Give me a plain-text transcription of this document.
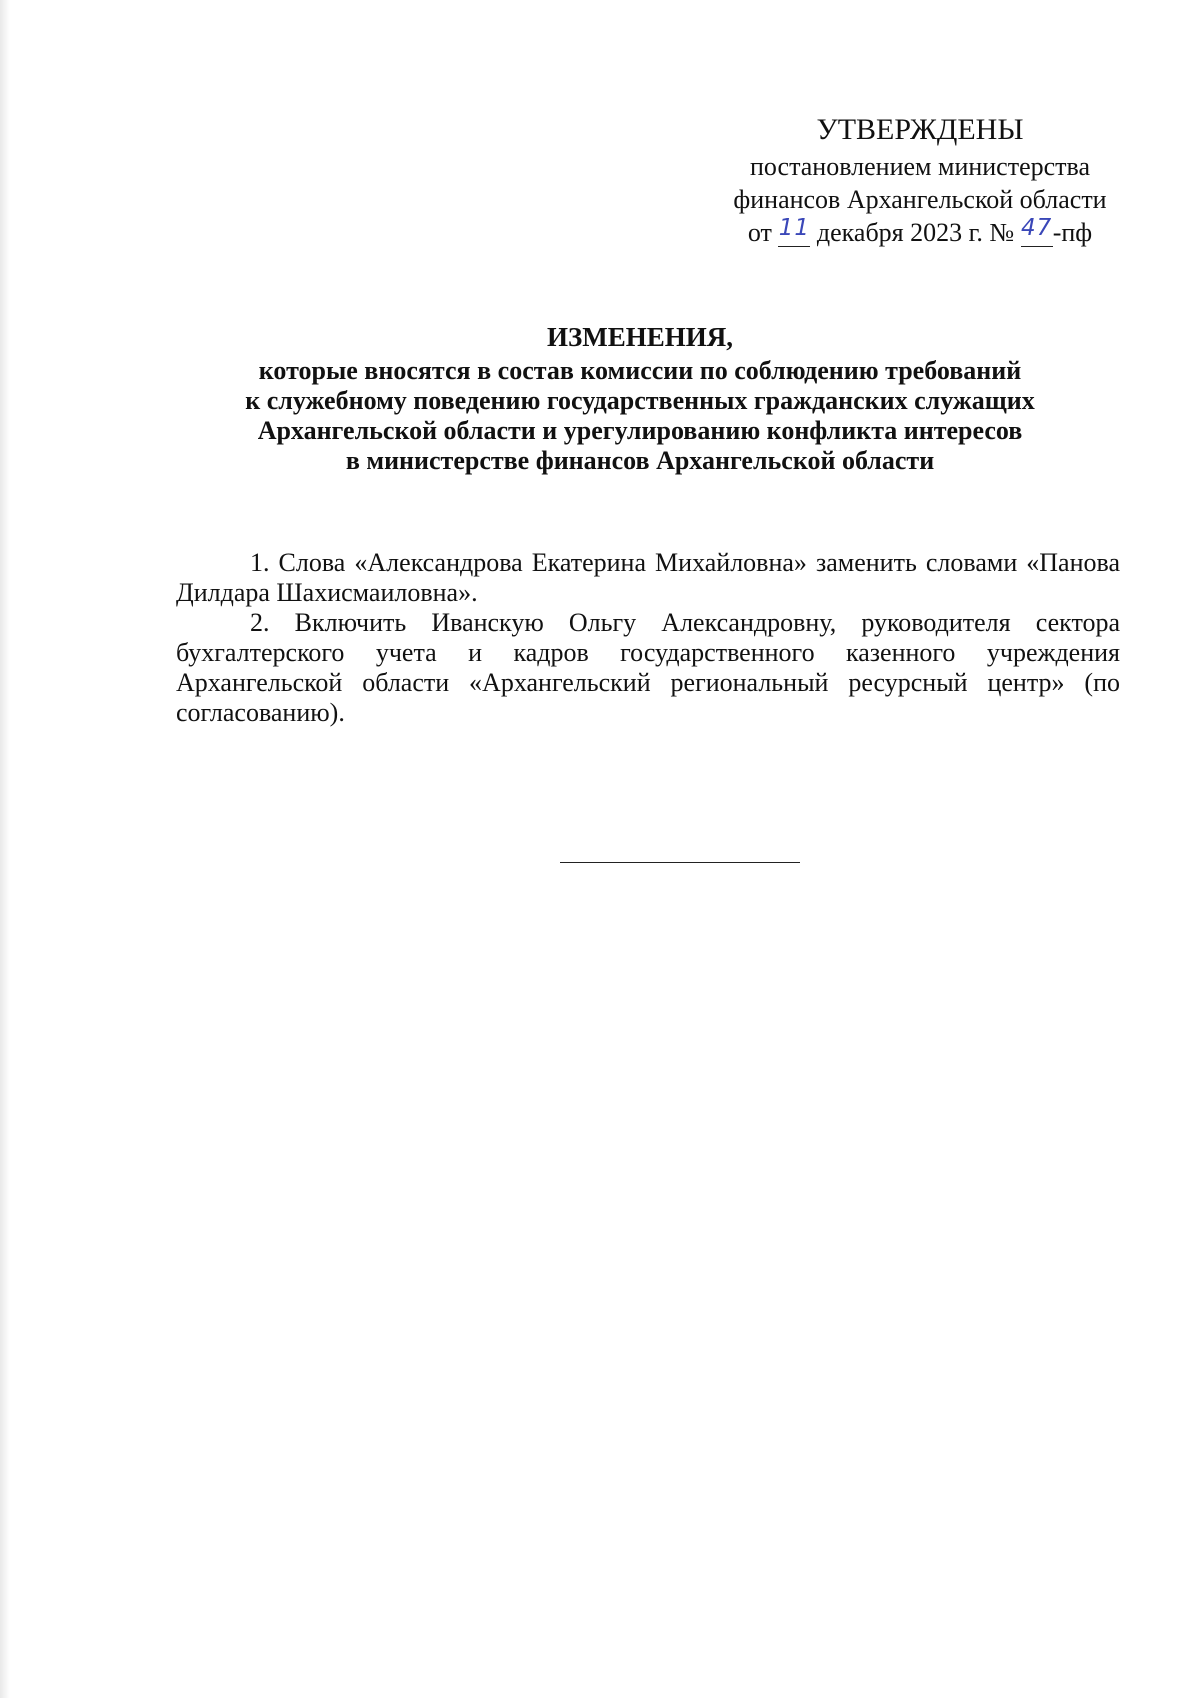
УТВЕРЖДЕНЫ
постановлением министерства
финансов Архангельской области
от 11 декабря 2023 г. № 47-пф
ИЗМЕНЕНИЯ,
которые вносятся в состав комиссии по соблюдению требований
к служебному поведению государственных гражданских служащих
Архангельской области и урегулированию конфликта интересов
в министерстве финансов Архангельской области

1. Слова «Александрова Екатерина Михайловна» заменить словами «Панова Дилдара Шахисмаиловна».

2. Включить Иванскую Ольгу Александровну, руководителя сектора бухгалтерского учета и кадров государственного казенного учреждения Архангельской области «Архангельский региональный ресурсный центр» (по согласованию).
